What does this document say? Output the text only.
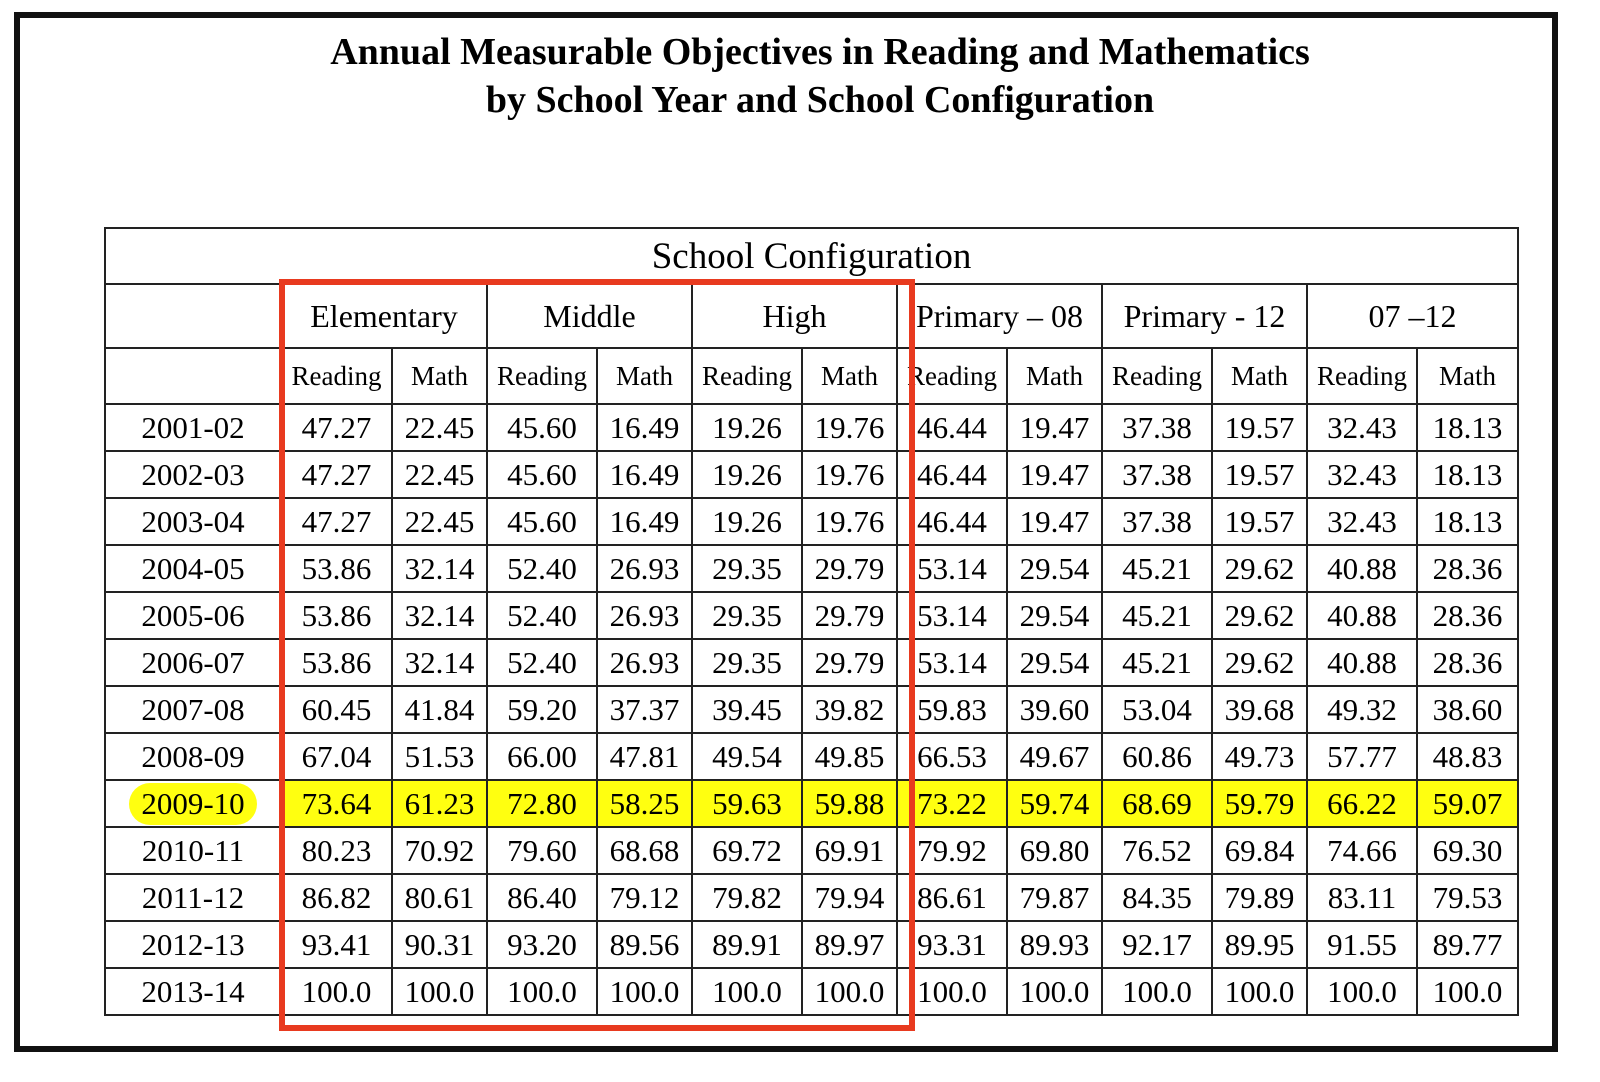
Annual Measurable Objectives in Reading and Mathematics
by School Year and School Configuration
School Configuration												
	Elementary		Middle		High		Primary – 08		Primary - 12		07 –12	
	Reading	Math	Reading	Math	Reading	Math	Reading	Math	Reading	Math	Reading	Math
2001-02	47.27	22.45	45.60	16.49	19.26	19.76	46.44	19.47	37.38	19.57	32.43	18.13
2002-03	47.27	22.45	45.60	16.49	19.26	19.76	46.44	19.47	37.38	19.57	32.43	18.13
2003-04	47.27	22.45	45.60	16.49	19.26	19.76	46.44	19.47	37.38	19.57	32.43	18.13
2004-05	53.86	32.14	52.40	26.93	29.35	29.79	53.14	29.54	45.21	29.62	40.88	28.36
2005-06	53.86	32.14	52.40	26.93	29.35	29.79	53.14	29.54	45.21	29.62	40.88	28.36
2006-07	53.86	32.14	52.40	26.93	29.35	29.79	53.14	29.54	45.21	29.62	40.88	28.36
2007-08	60.45	41.84	59.20	37.37	39.45	39.82	59.83	39.60	53.04	39.68	49.32	38.60
2008-09	67.04	51.53	66.00	47.81	49.54	49.85	66.53	49.67	60.86	49.73	57.77	48.83
2009-10	73.64	61.23	72.80	58.25	59.63	59.88	73.22	59.74	68.69	59.79	66.22	59.07
2010-11	80.23	70.92	79.60	68.68	69.72	69.91	79.92	69.80	76.52	69.84	74.66	69.30
2011-12	86.82	80.61	86.40	79.12	79.82	79.94	86.61	79.87	84.35	79.89	83.11	79.53
2012-13	93.41	90.31	93.20	89.56	89.91	89.97	93.31	89.93	92.17	89.95	91.55	89.77
2013-14	100.0	100.0	100.0	100.0	100.0	100.0	100.0	100.0	100.0	100.0	100.0	100.0
